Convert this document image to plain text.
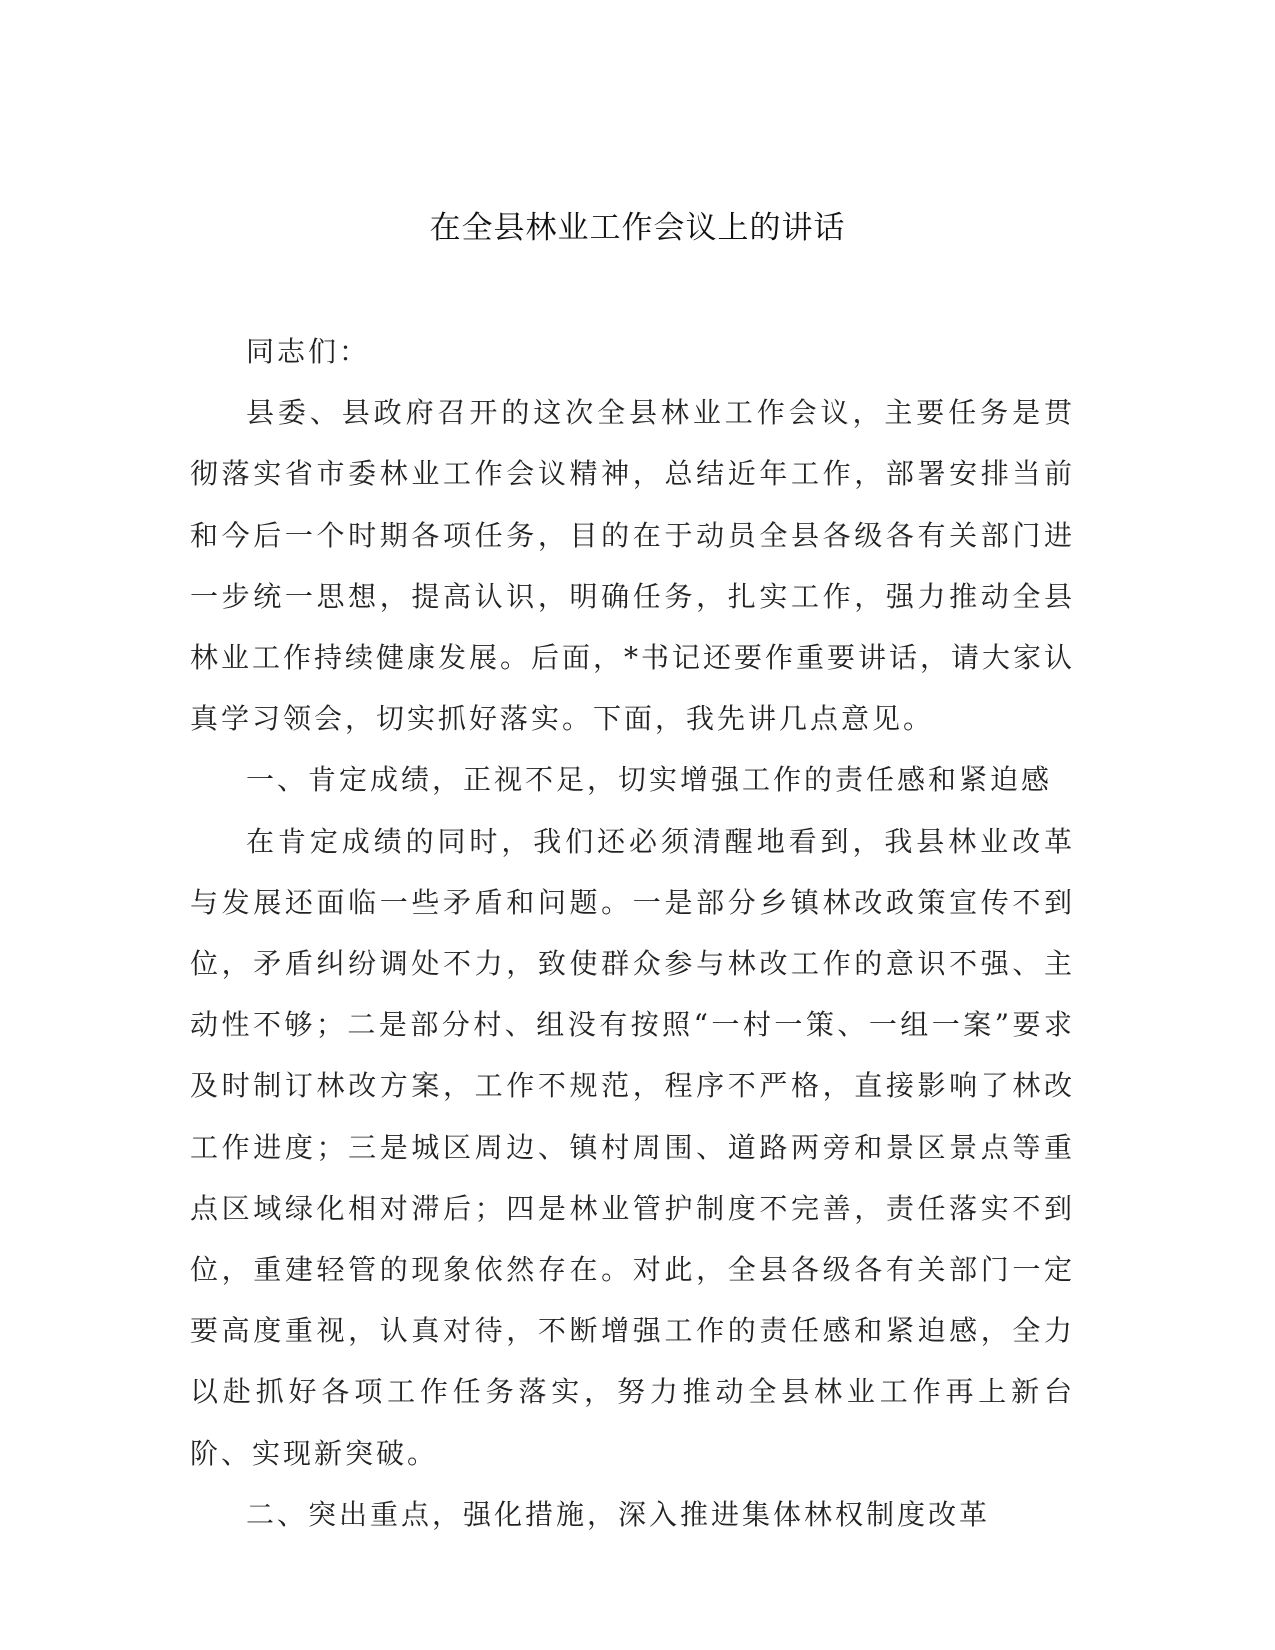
在全县林业工作会议上的讲话

同志们：

县委、县政府召开的这次全县林业工作会议，主要任务是贯彻落实省市委林业工作会议精神，总结近年工作，部署安排当前和今后一个时期各项任务，目的在于动员全县各级各有关部门进一步统一思想，提高认识，明确任务，扎实工作，强力推动全县林业工作持续健康发展。后面，*书记还要作重要讲话，请大家认真学习领会，切实抓好落实。下面，我先讲几点意见。

一、肯定成绩，正视不足，切实增强工作的责任感和紧迫感

在肯定成绩的同时，我们还必须清醒地看到，我县林业改革与发展还面临一些矛盾和问题。一是部分乡镇林改政策宣传不到位，矛盾纠纷调处不力，致使群众参与林改工作的意识不强、主动性不够；二是部分村、组没有按照“一村一策、一组一案”要求及时制订林改方案，工作不规范，程序不严格，直接影响了林改工作进度；三是城区周边、镇村周围、道路两旁和景区景点等重点区域绿化相对滞后；四是林业管护制度不完善，责任落实不到位，重建轻管的现象依然存在。对此，全县各级各有关部门一定要高度重视，认真对待，不断增强工作的责任感和紧迫感，全力以赴抓好各项工作任务落实，努力推动全县林业工作再上新台阶、实现新突破。

二、突出重点，强化措施，深入推进集体林权制度改革
